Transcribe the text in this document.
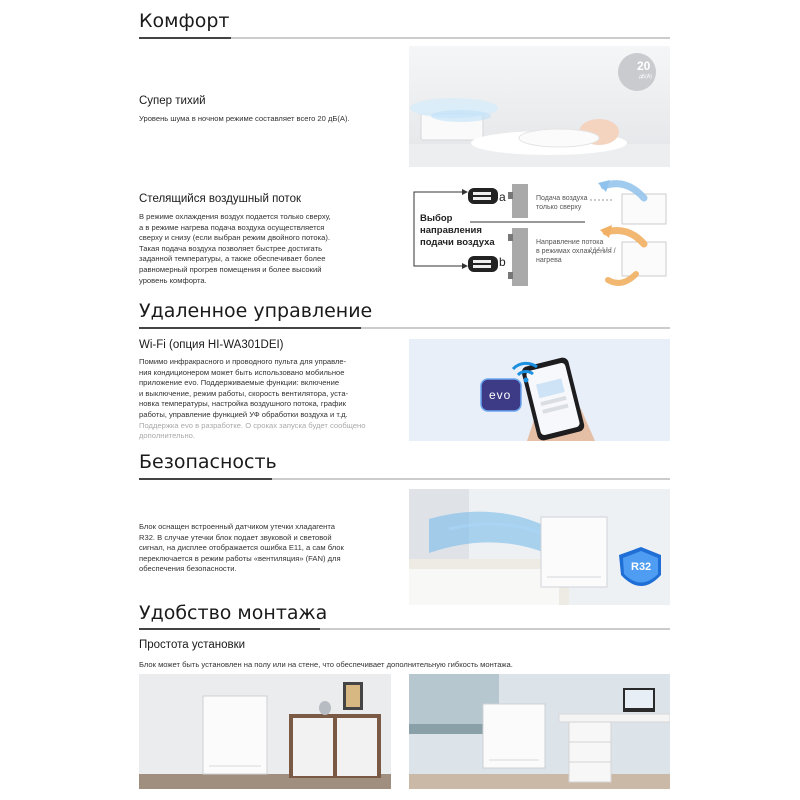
Комфорт
Супер тихий

Уровень шума в ночном режиме составляет всего 20 дБ(A).

20
дБ(A)
Стелящийся воздушный поток

В режиме охлаждения воздух подается только сверху,
а в режиме нагрева подача воздуха осуществляется
сверху и снизу (если выбран режим двойного потока).
Такая подача воздуха позволяет быстрее достигать
заданной температуры, а также обеспечивает более
равномерный прогрев помещения и более высокий
уровень комфорта.

Выбор
направления
подачи воздуха
a
b
Подача воздуха
только сверху
Направление потока
в режимах охлаждения /
нагрева
Удаленное управление
Wi-Fi (опция HI-WA301DEI)

Помимо инфракрасного и проводного пульта для управле-
ния кондиционером может быть использовано мобильное
приложение evo. Поддерживаемые функции: включение
и выключение, режим работы, скорость вентилятора, уста-
новка температуры, настройка воздушного потока, график
работы, управление функцией УФ обработки воздуха и т.д.
Поддержка evo в разработке. О сроках запуска будет сообщено
дополнительно.

evo
Безопасность

Блок оснащен встроенный датчиком утечки хладагента
R32. В случае утечки блок подает звуковой и световой
сигнал, на дисплее отображается ошибка E11, а сам блок
переключается в режим работы «вентиляция» (FAN) для
обеспечения безопасности.	R32
Удобство монтажа
Простота установки

Блок может быть установлен на полу или на стене, что обеспечивает дополнительную гибкость монтажа.
